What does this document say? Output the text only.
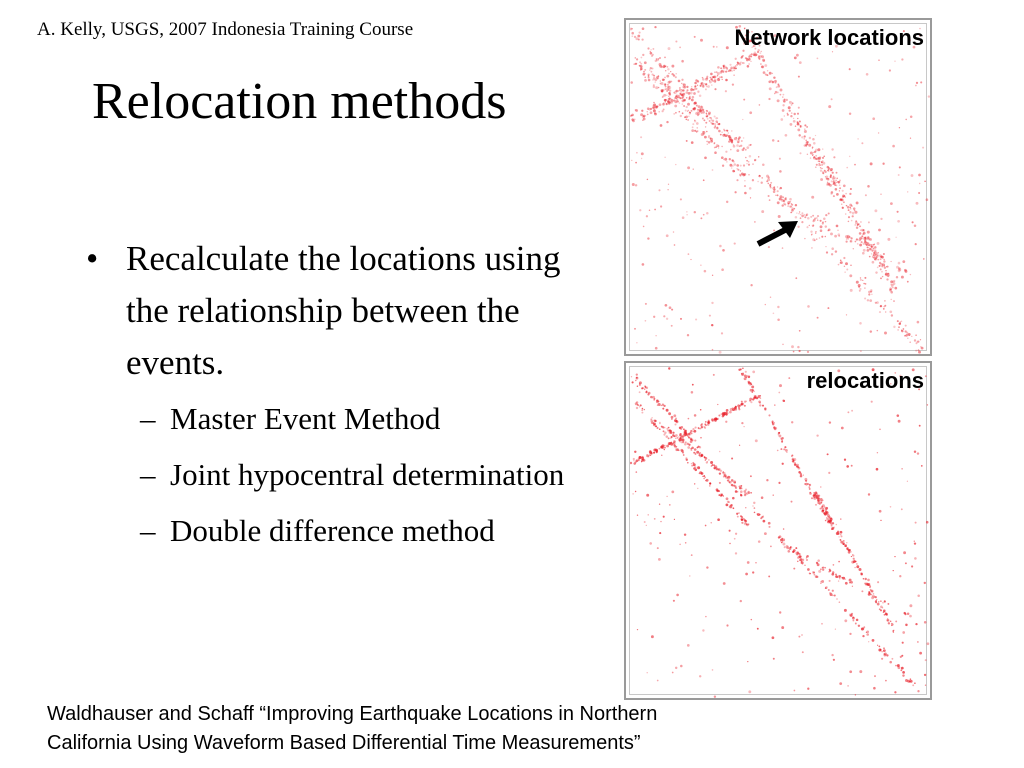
A. Kelly, USGS, 2007 Indonesia Training Course
Relocation methods
• Recalculate the locations using the relationship between the events.
– Master Event Method
– Joint hypocentral determination
– Double difference method
Network locations
relocations
Waldhauser and Schaff “Improving Earthquake Locations in Northern
California Using Waveform Based Differential Time Measurements”
